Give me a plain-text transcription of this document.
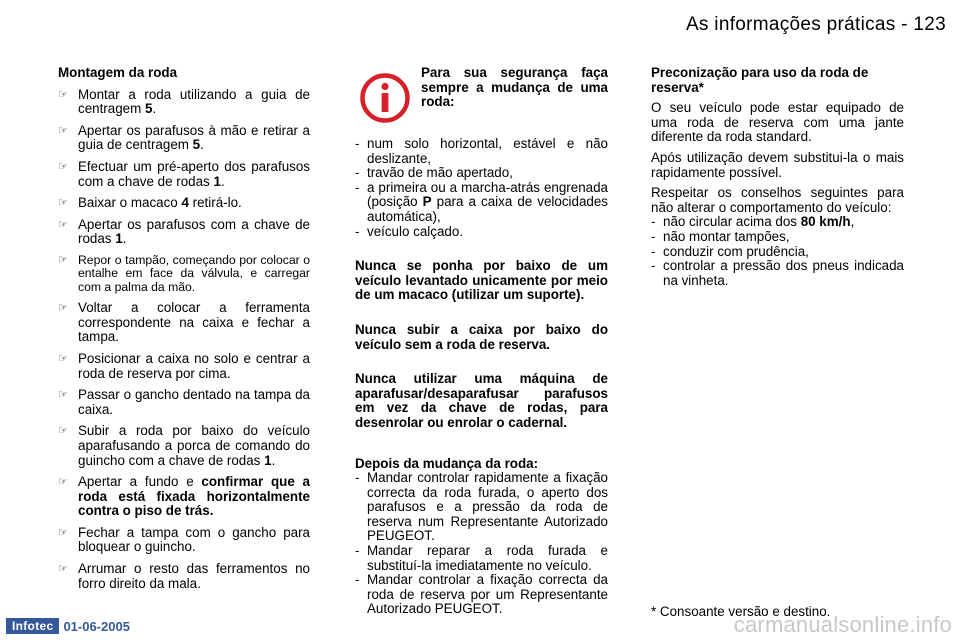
As informações práticas - 123
Montagem da roda
☞ Montar a roda utilizando a guia de centragem 5.
☞ Apertar os parafusos à mão e retirar a guia de centragem 5.
☞ Efectuar um pré-aperto dos parafusos com a chave de rodas 1.
☞ Baixar o macaco 4 retirá-lo.
☞ Apertar os parafusos com a chave de rodas 1.
☞ Repor o tampão, começando por colocar o entalhe em face da válvula, e carregar com a palma da mão.
☞ Voltar a colocar a ferramenta correspondente na caixa e fechar a tampa.
☞ Posicionar a caixa no solo e centrar a roda de reserva por cima.
☞ Passar o gancho dentado na tampa da caixa.
☞ Subir a roda por baixo do veículo aparafusando a porca de comando do guincho com a chave de rodas 1.
☞ Apertar a fundo e confirmar que a roda está fixada horizontalmente contra o piso de trás.
☞ Fechar a tampa com o gancho para bloquear o guincho.
☞ Arrumar o resto das ferramentos no forro direito da mala.
Para sua segurança faça sempre a mudança de uma roda:
- num solo horizontal, estável e não deslizante,
- travão de mão apertado,
- a primeira ou a marcha-atrás engrenada (posição P para a caixa de velocidades automática),
- veículo calçado.
Nunca se ponha por baixo de um veículo levantado unicamente por meio de um macaco (utilizar um suporte).
Nunca subir a caixa por baixo do veículo sem a roda de reserva.
Nunca utilizar uma máquina de aparafusar/desaparafusar parafusos em vez da chave de rodas, para desenrolar ou enrolar o cadernal.
Depois da mudança da roda:
- Mandar controlar rapidamente a fixação correcta da roda furada, o aperto dos parafusos e a pressão da roda de reserva num Representante Autorizado PEUGEOT.
- Mandar reparar a roda furada e substituí-la imediatamente no veículo.
- Mandar controlar a fixação correcta da roda de reserva por um Representante Autorizado PEUGEOT.
Preconização para uso da roda de reserva*
O seu veículo pode estar equipado de uma roda de reserva com uma jante diferente da roda standard.
Após utilização devem substitui-la o mais rapidamente possível.
Respeitar os conselhos seguintes para não alterar o comportamento do veículo:
- não circular acima dos 80 km/h,
- não montar tampões,
- conduzir com prudência,
- controlar a pressão dos pneus indicada na vinheta.
* Consoante versão e destino.
Infotec 01-06-2005	carmanualsonline.info
